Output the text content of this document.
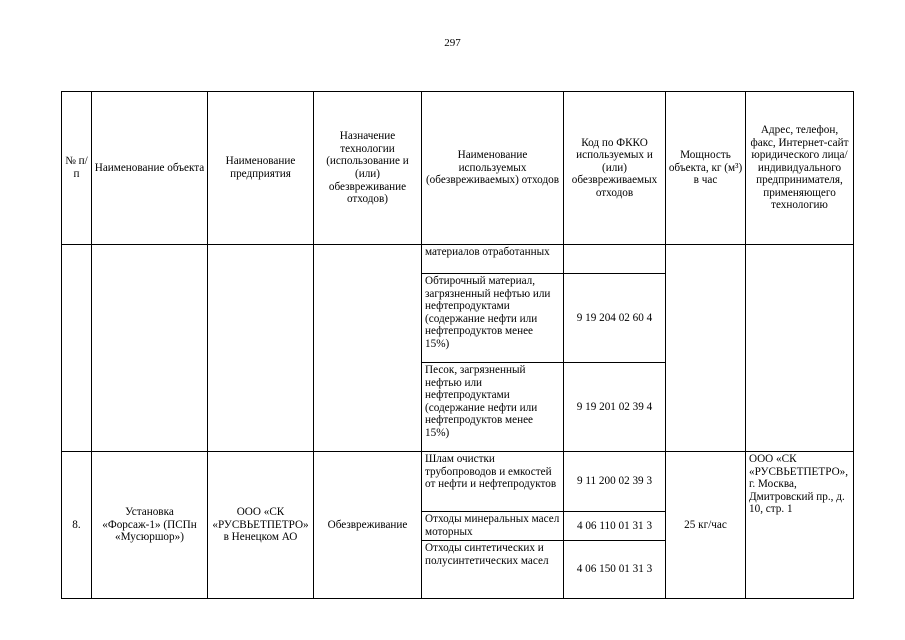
297
№ п/п	Наименование объекта	Наименование предприятия	Назначение технологии (использование и (или) обезвреживание отходов)	Наименование используемых (обезвреживаемых) отходов	Код по ФККО используемых и (или) обезвреживаемых отходов	Мощность объекта, кг (м³) в час	Адрес, телефон, факс, Интернет-сайт юридического лица/индивидуального предпринимателя, применяющего технологию
				материалов отработанных			
				Обтирочный материал, загрязненный нефтью или нефтепродуктами (содержание нефти или нефтепродуктов менее 15%)	9 19 204 02 60 4		
				Песок, загрязненный нефтью или нефтепродуктами (содержание нефти или нефтепродуктов менее 15%)	9 19 201 02 39 4		
8.	Установка «Форсаж-1» (ПСПн «Мусюршор»)	ООО «СК «РУСВЬЕТПЕТРО» в Ненецком АО	Обезвреживание	Шлам очистки трубопроводов и емкостей от нефти и нефтепродуктов	9 11 200 02 39 3	25 кг/час	ООО «СК «РУСВЬЕТПЕТРО», г. Москва, Дмитровский пр., д. 10, стр. 1
				Отходы минеральных масел моторных	4 06 110 01 31 3		
				Отходы синтетических и полусинтетических масел	4 06 150 01 31 3		
